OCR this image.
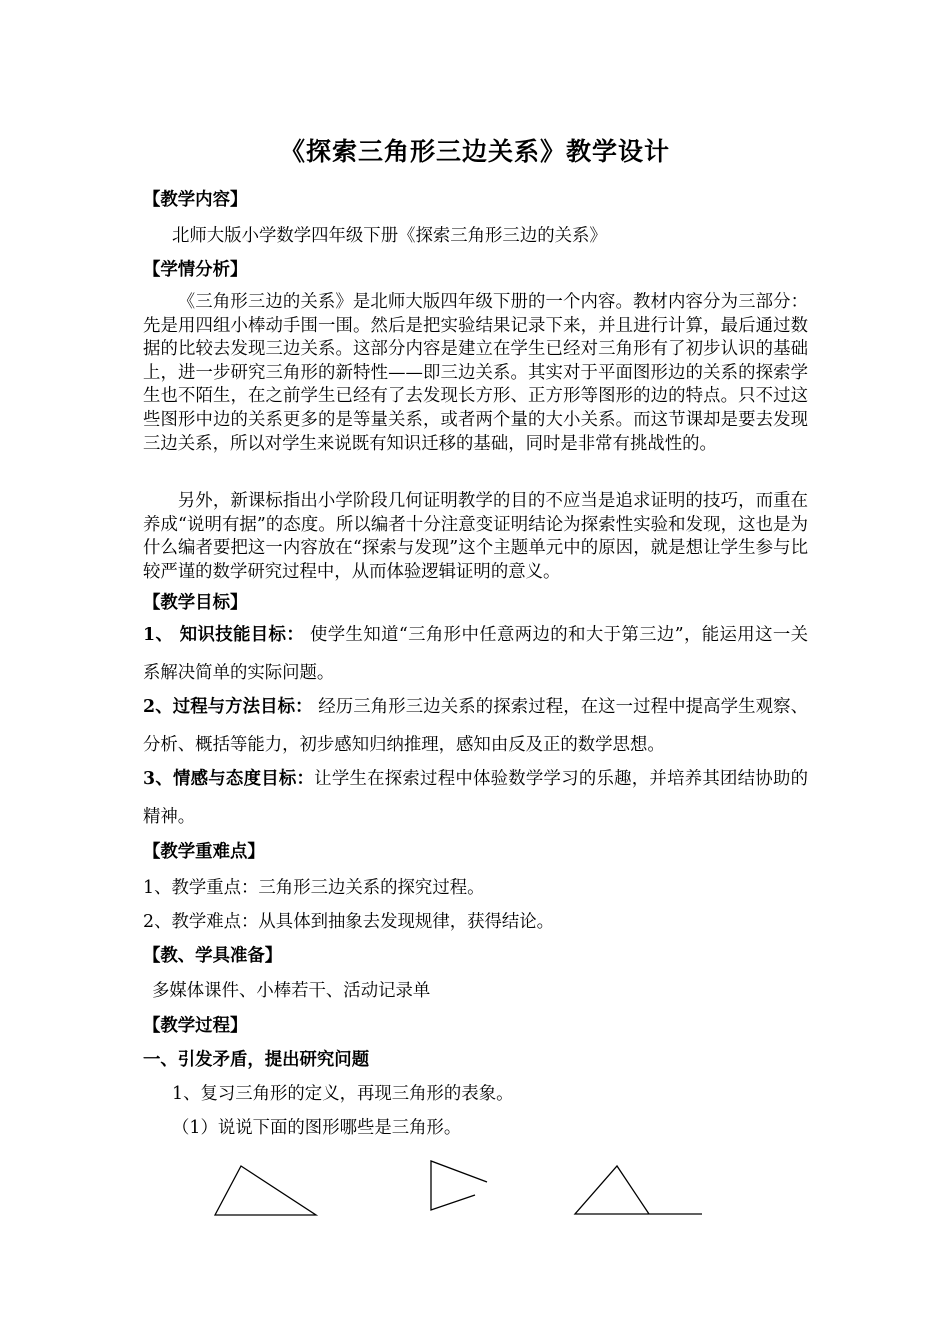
《探索三角形三边关系》教学设计

【教学内容】

北师大版小学数学四年级下册《探索三角形三边的关系》

【学情分析】

《三角形三边的关系》是北师大版四年级下册的一个内容。教材内容分为三部分：先是用四组小棒动手围一围。然后是把实验结果记录下来，并且进行计算，最后通过数据的比较去发现三边关系。这部分内容是建立在学生已经对三角形有了初步认识的基础上，进一步研究三角形的新特性——即三边关系。其实对于平面图形边的关系的探索学生也不陌生，在之前学生已经有了去发现长方形、正方形等图形的边的特点。只不过这些图形中边的关系更多的是等量关系，或者两个量的大小关系。而这节课却是要去发现三边关系，所以对学生来说既有知识迁移的基础，同时是非常有挑战性的。

另外，新课标指出小学阶段几何证明教学的目的不应当是追求证明的技巧，而重在养成“说明有据”的态度。所以编者十分注意变证明结论为探索性实验和发现，这也是为什么编者要把这一内容放在“探索与发现”这个主题单元中的原因，就是想让学生参与比较严谨的数学研究过程中，从而体验逻辑证明的意义。

【教学目标】

1、 知识技能目标： 使学生知道“三角形中任意两边的和大于第三边”，能运用这一关系解决简单的实际问题。

2、过程与方法目标： 经历三角形三边关系的探索过程，在这一过程中提高学生观察、分析、概括等能力，初步感知归纳推理，感知由反及正的数学思想。

3、情感与态度目标：让学生在探索过程中体验数学学习的乐趣，并培养其团结协助的精神。

【教学重难点】

1、教学重点：三角形三边关系的探究过程。

2、教学难点：从具体到抽象去发现规律，获得结论。

【教、学具准备】

多媒体课件、小棒若干、活动记录单

【教学过程】

一、引发矛盾，提出研究问题

1、复习三角形的定义，再现三角形的表象。

（1）说说下面的图形哪些是三角形。
